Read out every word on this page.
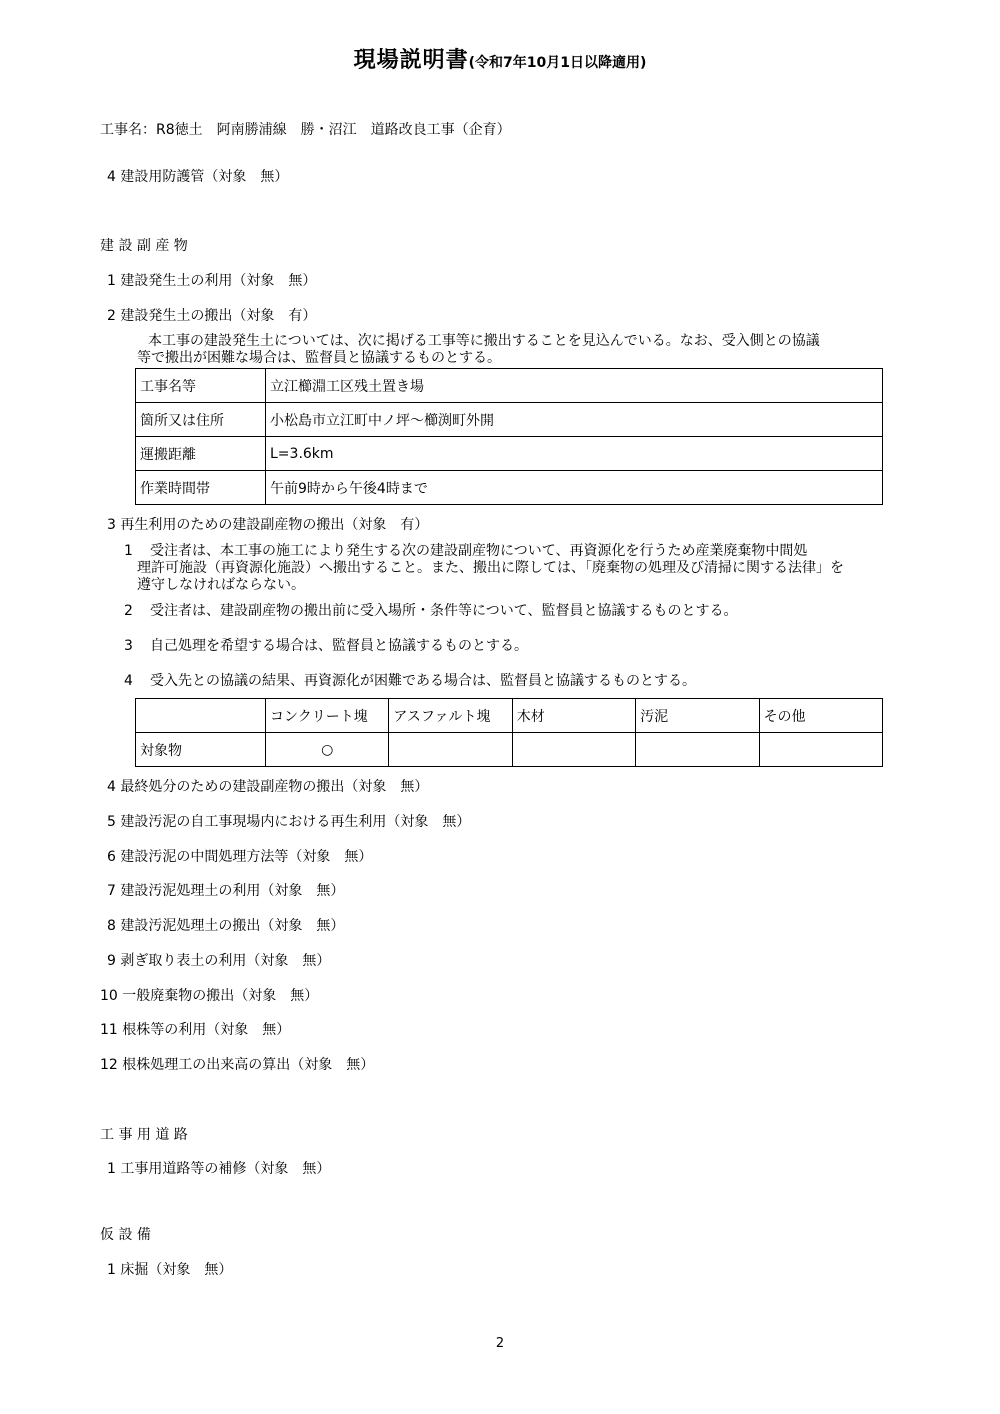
現場説明書(令和7年10月1日以降適用)
工事名：R8徳土　阿南勝浦線　勝・沼江　道路改良工事（企育）
4 建設用防護管（対象　無）
建 設 副 産 物
1 建設発生土の利用（対象　無）
2 建設発生土の搬出（対象　有）
本工事の建設発生土については、次に掲げる工事等に搬出することを見込んでいる。なお、受入側との協議
等で搬出が困難な場合は、監督員と協議するものとする。
工事名等	立江櫛淵工区残土置き場
箇所又は住所	小松島市立江町中ノ坪～櫛渕町外開
運搬距離	L=3.6km
作業時間帯	午前9時から午後4時まで
3 再生利用のための建設副産物の搬出（対象　有）
1 受注者は、本工事の施工により発生する次の建設副産物について、再資源化を行うため産業廃棄物中間処
理許可施設（再資源化施設）へ搬出すること。また、搬出に際しては、「廃棄物の処理及び清掃に関する法律」を
遵守しなければならない。
2 受注者は、建設副産物の搬出前に受入場所・条件等について、監督員と協議するものとする。
3 自己処理を希望する場合は、監督員と協議するものとする。
4 受入先との協議の結果、再資源化が困難である場合は、監督員と協議するものとする。
	コンクリート塊	アスファルト塊	木材	汚泥	その他
対象物	○				
4 最終処分のための建設副産物の搬出（対象　無）
5 建設汚泥の自工事現場内における再生利用（対象　無）
6 建設汚泥の中間処理方法等（対象　無）
7 建設汚泥処理土の利用（対象　無）
8 建設汚泥処理土の搬出（対象　無）
9 剥ぎ取り表土の利用（対象　無）
10 一般廃棄物の搬出（対象　無）
11 根株等の利用（対象　無）
12 根株処理工の出来高の算出（対象　無）
工 事 用 道 路
1 工事用道路等の補修（対象　無）
仮 設 備
1 床掘（対象　無）
2
